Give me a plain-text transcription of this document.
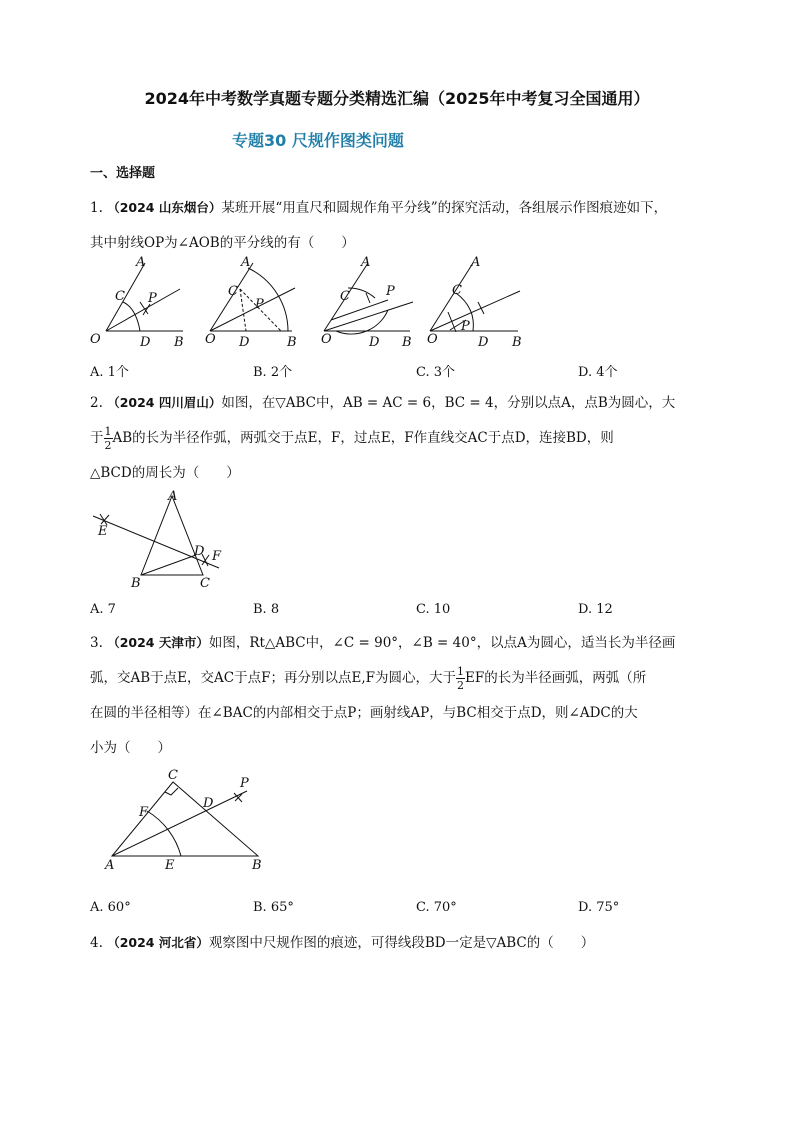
2024年中考数学真题专题分类精选汇编（2025年中考复习全国通用）
专题30 尺规作图类问题
一、选择题
1. （2024 山东烟台）某班开展“用直尺和圆规作角平分线”的探究活动，各组展示作图痕迹如下，
其中射线OP为∠AOB的平分线的有（　　）
O
A
C P
D B O
A
C
P
D	B O
A
C	P
D B O
A
C
P
D B
A. 1个	B. 2个	C. 3个	D. 4个
2. （2024 四川眉山）如图，在▽ABC中，AB = AC = 6，BC = 4，分别以点A，点B为圆心，大
于 $\frac{1}{2}$ AB的长为半径作弧，两弧交于点E，F，过点E，F作直线交AC于点D，连接BD，则
△BCD的周长为（　　）
A
B	C
D
E
F
A. 7	B. 8	C. 10	D. 12
3. （2024 天津市）如图，Rt△ABC中，∠C = 90°，∠B = 40°，以点A为圆心，适当长为半径画
弧，交AB于点E，交AC于点F；再分别以点E,F为圆心，大于 $\frac{1}{2}$ EF的长为半径画弧，两弧（所
在圆的半径相等）在∠BAC的内部相交于点P；画射线AP，与BC相交于点D，则∠ADC的大
小为（　　）
A	B
C
D
E
F
P
A. 60°	B. 65°	C. 70°	D. 75°
4. （2024 河北省）观察图中尺规作图的痕迹，可得线段BD一定是▽ABC的（　　）
